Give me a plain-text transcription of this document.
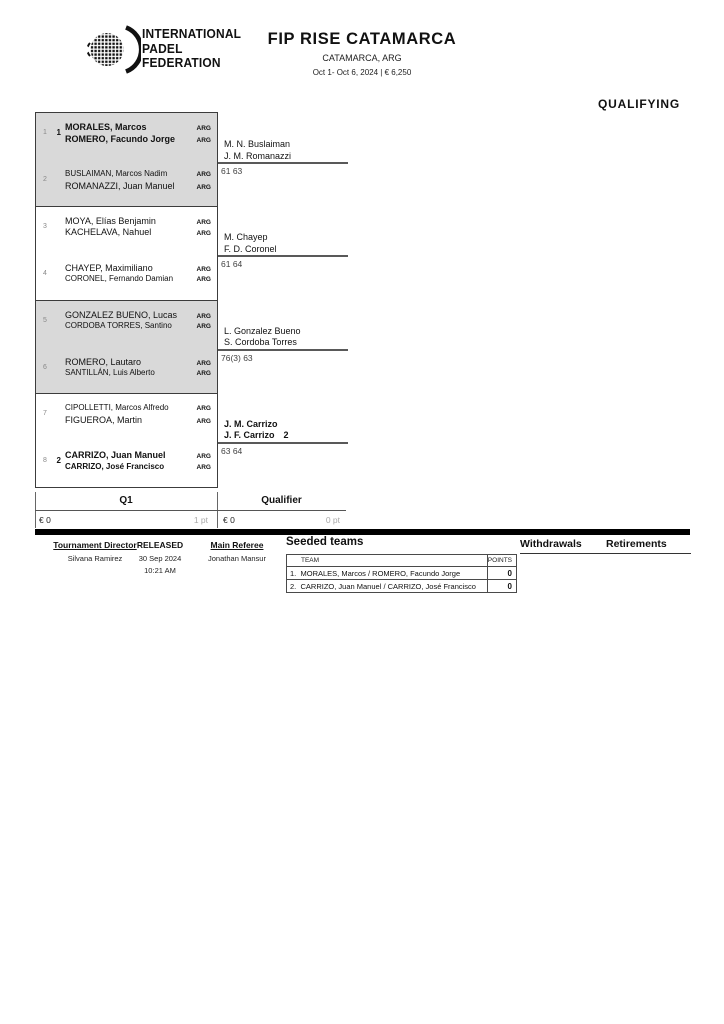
INTERNATIONAL
PADEL
FEDERATION
FIP RISE CATAMARCA
CATAMARCA, ARG
Oct 1- Oct 6, 2024 | € 6,250
QUALIFYING
1	1
MORALES, Marcos	ARG
ROMERO, Facundo Jorge	ARG
2
BUSLAIMAN, Marcos Nadim	ARG
ROMANAZZI, Juan Manuel	ARG
3
MOYA, Elías Benjamin	ARG
KACHELAVA, Nahuel	ARG
4
CHAYEP, Maximiliano	ARG
CORONEL, Fernando Damian	ARG
5
GONZALEZ BUENO, Lucas	ARG
CORDOBA TORRES, Santino	ARG
6
ROMERO, Lautaro	ARG
SANTILLÁN, Luis Alberto	ARG
7
CIPOLLETTI, Marcos Alfredo	ARG
FIGUEROA, Martin	ARG
8	2
CARRIZO, Juan Manuel	ARG
CARRIZO, José Francisco	ARG
M. N. Buslaiman
J. M. Romanazzi
61 63
M. Chayep
F. D. Coronel
61 64
L. Gonzalez Bueno
S. Cordoba Torres
76(3) 63
J. M. Carrizo
J. F. Carrizo 2
63 64
Q1	Qualifier
€ 0	1 pt € 0	0 pt
Tournament Director
Silvana Ramirez
RELEASED
30 Sep 2024
10:21 AM
Main Referee
Jonathan Mansur
Seeded teams
TEAM		POINTS
1.	MORALES, Marcos / ROMERO, Facundo Jorge	0
2.	CARRIZO, Juan Manuel / CARRIZO, José Francisco	0
Withdrawals	Retirements
